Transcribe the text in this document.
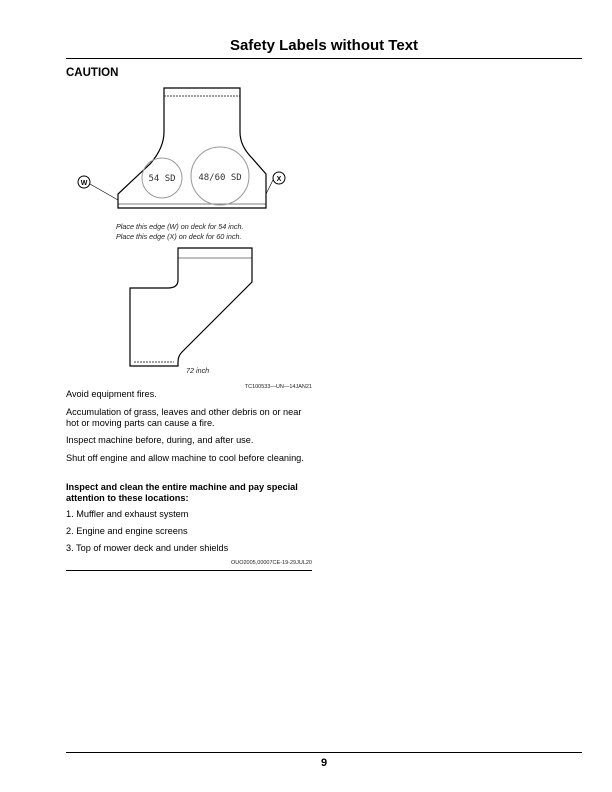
Safety Labels without Text
CAUTION
54 SD	48/60 SD
W
X
Place this edge (W) on deck for 54 inch.
Place this edge (X) on deck for 60 inch.
72 inch
TC100533—UN—14JAN21
Avoid equipment fires.
Accumulation of grass, leaves and other debris on or near hot or moving parts can cause a fire.
Inspect machine before, during, and after use.
Shut off engine and allow machine to cool before cleaning.
Inspect and clean the entire machine and pay special attention to these locations:
1. Muffler and exhaust system
2. Engine and engine screens
3. Top of mower deck and under shields
OUO2005,00007CE-19-29JUL20
9
